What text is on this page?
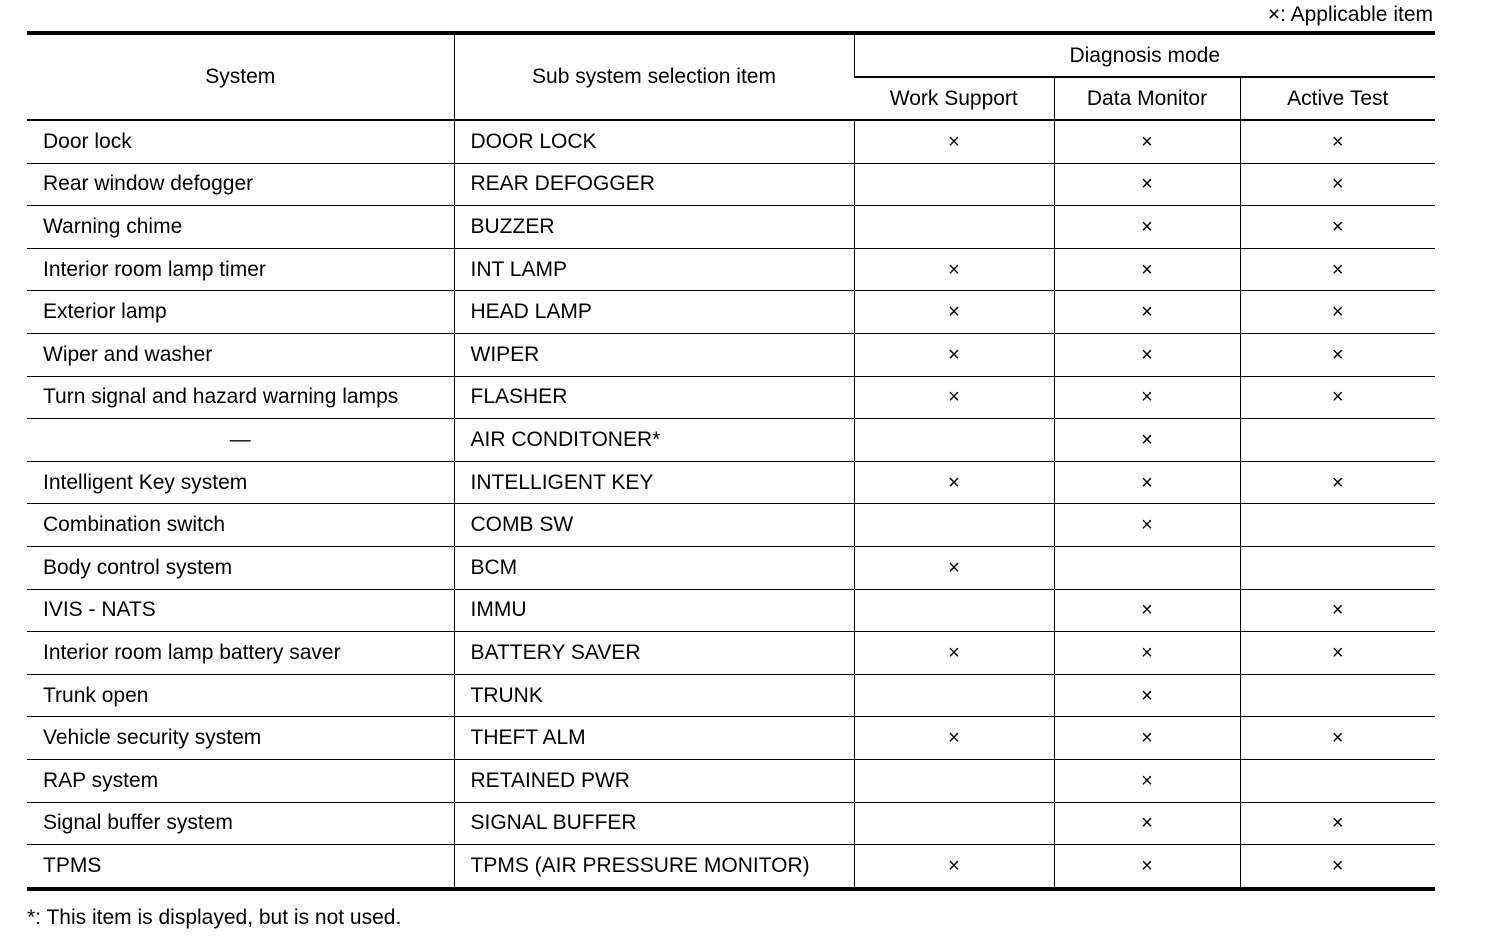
×: Applicable item
System	Sub system selection item	Diagnosis mode		
		Work Support	Data Monitor	Active Test
Door lock	DOOR LOCK	×	×	×
Rear window defogger	REAR DEFOGGER		×	×
Warning chime	BUZZER		×	×
Interior room lamp timer	INT LAMP	×	×	×
Exterior lamp	HEAD LAMP	×	×	×
Wiper and washer	WIPER	×	×	×
Turn signal and hazard warning lamps	FLASHER	×	×	×
—	AIR CONDITONER*		×	
Intelligent Key system	INTELLIGENT KEY	×	×	×
Combination switch	COMB SW		×	
Body control system	BCM	×		
IVIS - NATS	IMMU		×	×
Interior room lamp battery saver	BATTERY SAVER	×	×	×
Trunk open	TRUNK		×	
Vehicle security system	THEFT ALM	×	×	×
RAP system	RETAINED PWR		×	
Signal buffer system	SIGNAL BUFFER		×	×
TPMS	TPMS (AIR PRESSURE MONITOR)	×	×	×
*: This item is displayed, but is not used.
